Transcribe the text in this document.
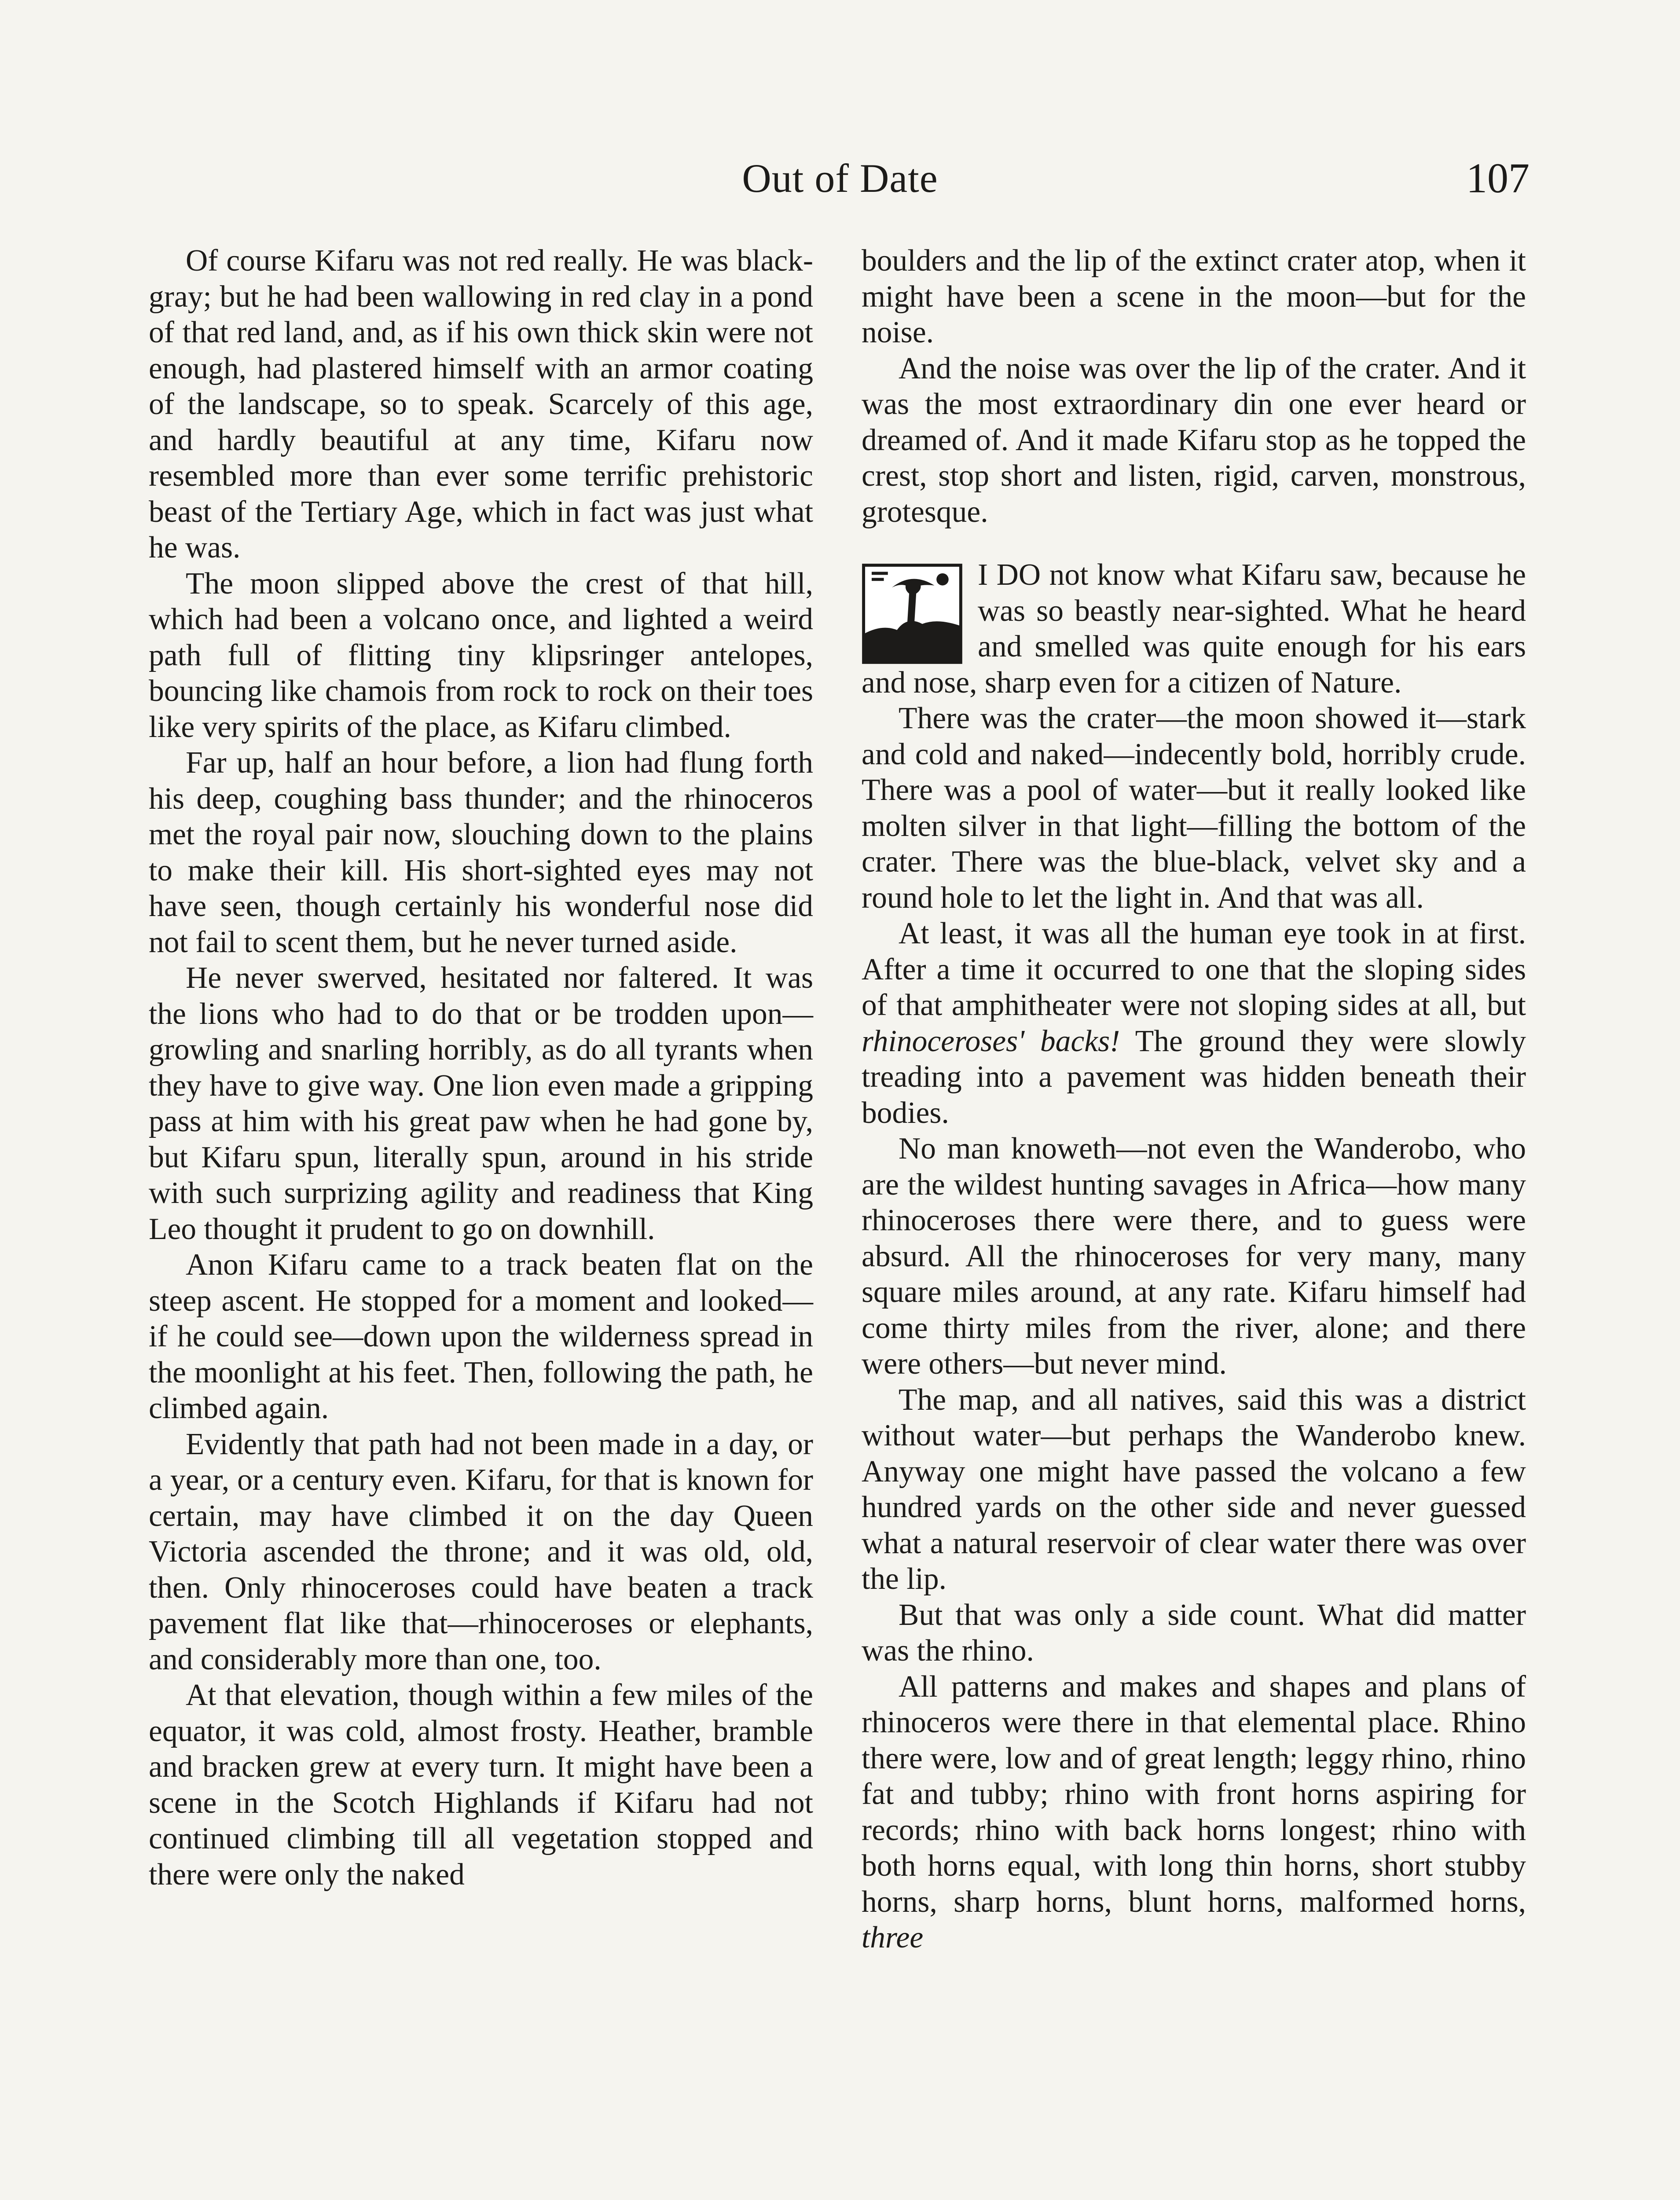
Out of Date	107

Of course Kifaru was not red really. He was black-gray; but he had been wallowing in red clay in a pond of that red land, and, as if his own thick skin were not enough, had plastered himself with an armor coating of the landscape, so to speak. Scarcely of this age, and hardly beautiful at any time, Kifaru now resembled more than ever some terrific prehistoric beast of the Tertiary Age, which in fact was just what he was.

The moon slipped above the crest of that hill, which had been a volcano once, and lighted a weird path full of flitting tiny klipsringer antelopes, bouncing like chamois from rock to rock on their toes like very spirits of the place, as Kifaru climbed.

Far up, half an hour before, a lion had flung forth his deep, coughing bass thunder; and the rhinoceros met the royal pair now, slouching down to the plains to make their kill. His short-sighted eyes may not have seen, though certainly his wonderful nose did not fail to scent them, but he never turned aside.

He never swerved, hesitated nor faltered. It was the lions who had to do that or be trodden upon—growling and snarling horribly, as do all tyrants when they have to give way. One lion even made a gripping pass at him with his great paw when he had gone by, but Kifaru spun, literally spun, around in his stride with such surprizing agility and readiness that King Leo thought it prudent to go on downhill.

Anon Kifaru came to a track beaten flat on the steep ascent. He stopped for a moment and looked—if he could see—down upon the wilderness spread in the moonlight at his feet. Then, following the path, he climbed again.

Evidently that path had not been made in a day, or a year, or a century even. Kifaru, for that is known for certain, may have climbed it on the day Queen Victoria ascended the throne; and it was old, old, then. Only rhinoceroses could have beaten a track pavement flat like that—rhinoceroses or elephants, and considerably more than one, too.

At that elevation, though within a few miles of the equator, it was cold, almost frosty. Heather, bramble and bracken grew at every turn. It might have been a scene in the Scotch Highlands if Kifaru had not continued climbing till all vegetation stopped and there were only the naked

boulders and the lip of the extinct crater atop, when it might have been a scene in the moon—but for the noise.

And the noise was over the lip of the crater. And it was the most extraordinary din one ever heard or dreamed of. And it made Kifaru stop as he topped the crest, stop short and listen, rigid, carven, monstrous, grotesque.

I DO not know what Kifaru saw, because he was so beastly near-sighted. What he heard and smelled was quite enough for his ears and nose, sharp even for a citizen of Nature.

There was the crater—the moon showed it—stark and cold and naked—indecently bold, horribly crude. There was a pool of water—but it really looked like molten silver in that light—filling the bottom of the crater. There was the blue-black, velvet sky and a round hole to let the light in. And that was all.

At least, it was all the human eye took in at first. After a time it occurred to one that the sloping sides of that amphitheater were not sloping sides at all, but rhinoceroses' backs! The ground they were slowly treading into a pavement was hidden beneath their bodies.

No man knoweth—not even the Wanderobo, who are the wildest hunting savages in Africa—how many rhinoceroses there were there, and to guess were absurd. All the rhinoceroses for very many, many square miles around, at any rate. Kifaru himself had come thirty miles from the river, alone; and there were others—but never mind.

The map, and all natives, said this was a district without water—but perhaps the Wanderobo knew. Anyway one might have passed the volcano a few hundred yards on the other side and never guessed what a natural reservoir of clear water there was over the lip.

But that was only a side count. What did matter was the rhino.

All patterns and makes and shapes and plans of rhinoceros were there in that elemental place. Rhino there were, low and of great length; leggy rhino, rhino fat and tubby; rhino with front horns aspiring for records; rhino with back horns longest; rhino with both horns equal, with long thin horns, short stubby horns, sharp horns, blunt horns, malformed horns, three
